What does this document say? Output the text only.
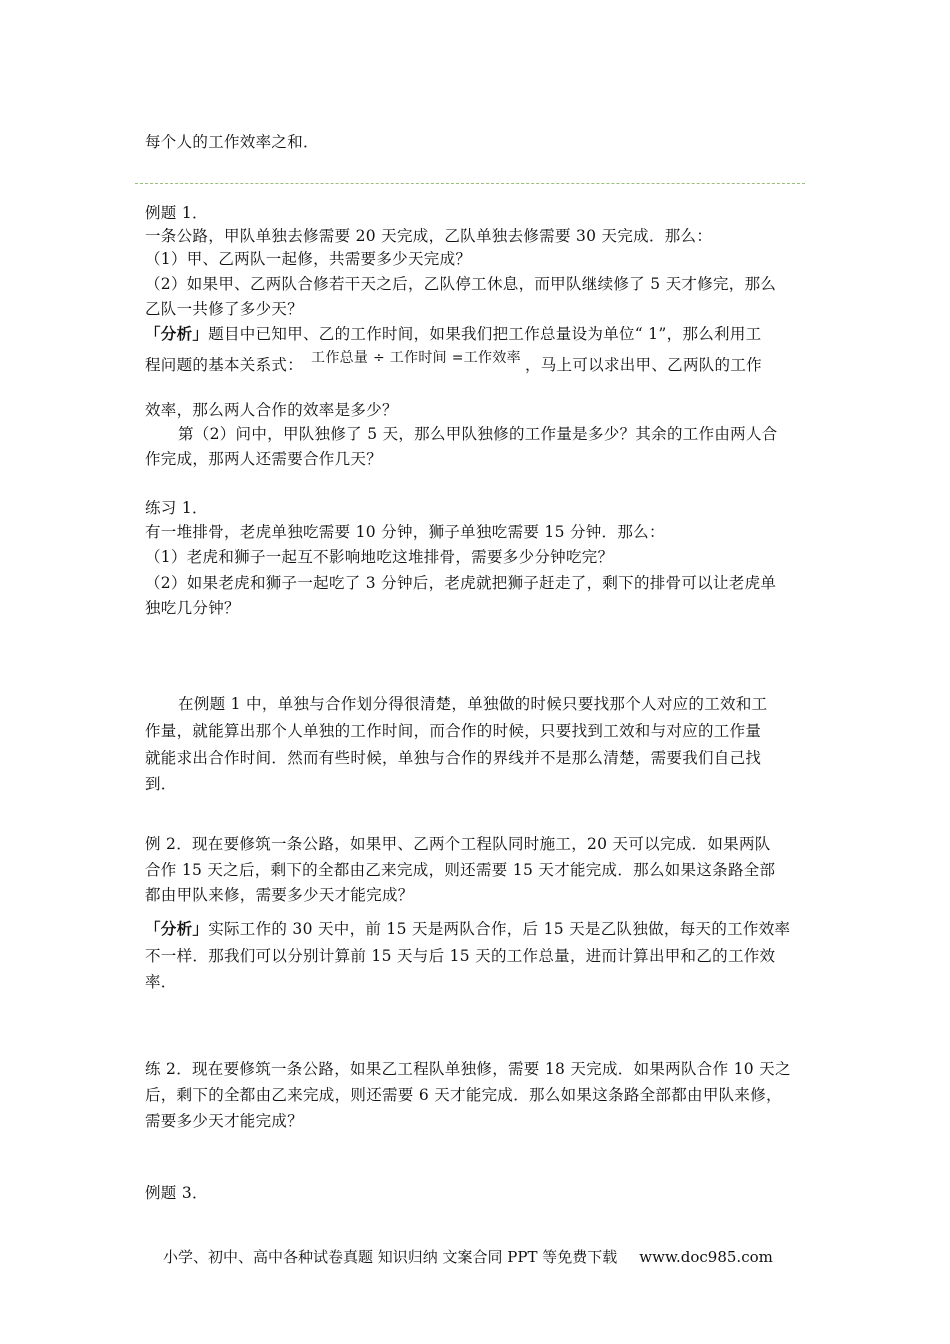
每个人的工作效率之和．
例题 1．
一条公路，甲队单独去修需要 20 天完成，乙队单独去修需要 30 天完成．那么：
（1）甲、乙两队一起修，共需要多少天完成？
（2）如果甲、乙两队合修若干天之后，乙队停工休息，而甲队继续修了 5 天才修完，那么
乙队一共修了多少天？
「分析」题目中已知甲、乙的工作时间，如果我们把工作总量设为单位“ 1”，那么利用工
程问题的基本关系式： 工作总量 ÷ 工作时间 =工作效率 ，马上可以求出甲、乙两队的工作
效率，那么两人合作的效率是多少？
第（2）问中，甲队独修了 5 天，那么甲队独修的工作量是多少？其余的工作由两人合
作完成，那两人还需要合作几天？
练习 1．
有一堆排骨，老虎单独吃需要 10 分钟，狮子单独吃需要 15 分钟．那么：
（1）老虎和狮子一起互不影响地吃这堆排骨，需要多少分钟吃完？
（2）如果老虎和狮子一起吃了 3 分钟后，老虎就把狮子赶走了，剩下的排骨可以让老虎单
独吃几分钟？
在例题 1 中，单独与合作划分得很清楚，单独做的时候只要找那个人对应的工效和工
作量，就能算出那个人单独的工作时间，而合作的时候，只要找到工效和与对应的工作量
就能求出合作时间．然而有些时候，单独与合作的界线并不是那么清楚，需要我们自己找
到．
例 2．现在要修筑一条公路，如果甲、乙两个工程队同时施工，20 天可以完成．如果两队
合作 15 天之后，剩下的全都由乙来完成，则还需要 15 天才能完成．那么如果这条路全部
都由甲队来修，需要多少天才能完成？
「分析」实际工作的 30 天中，前 15 天是两队合作，后 15 天是乙队独做，每天的工作效率
不一样．那我们可以分别计算前 15 天与后 15 天的工作总量，进而计算出甲和乙的工作效
率．
练 2．现在要修筑一条公路，如果乙工程队单独修，需要 18 天完成．如果两队合作 10 天之
后，剩下的全都由乙来完成，则还需要 6 天才能完成．那么如果这条路全部都由甲队来修，
需要多少天才能完成？
例题 3．
小学、初中、高中各种试卷真题 知识归纳 文案合同 PPT 等免费下载 www.doc985.com
